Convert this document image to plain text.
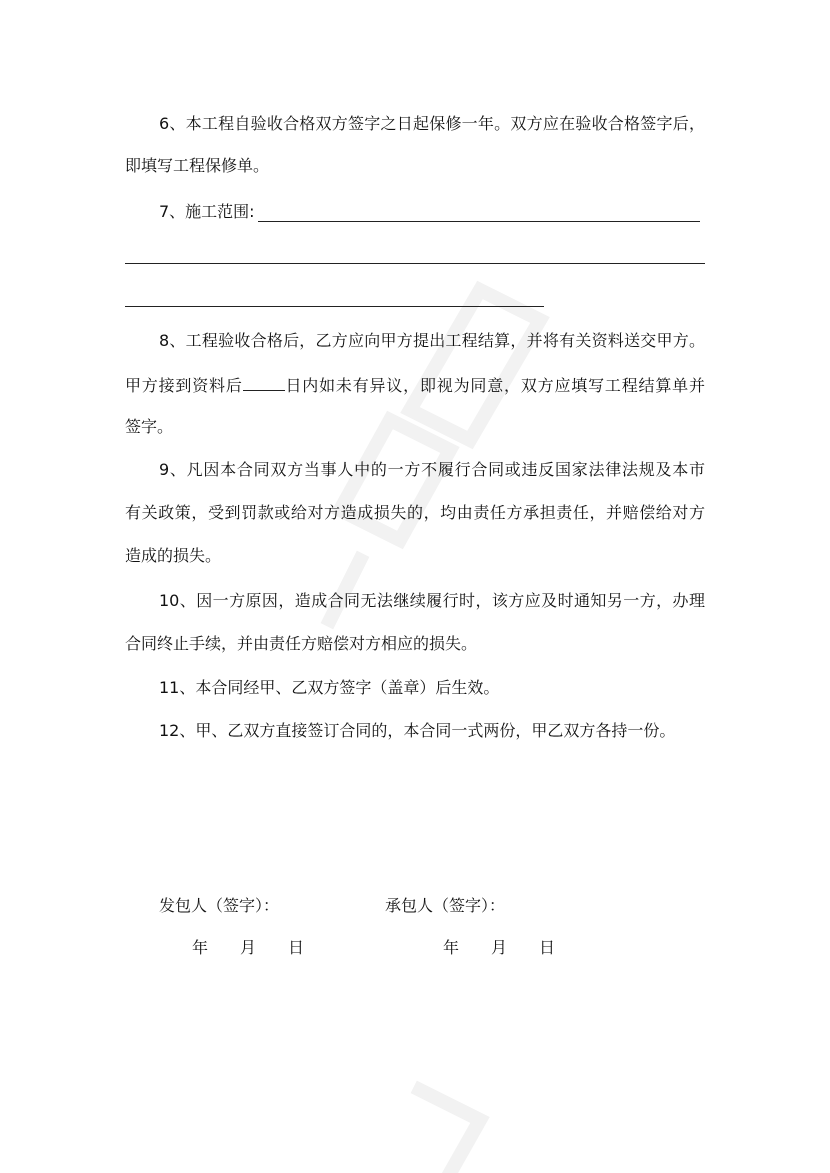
6、本工程自验收合格双方签字之日起保修一年。双方应在验收合格签字后，
即填写工程保修单。
7、施工范围:
8、工程验收合格后，乙方应向甲方提出工程结算，并将有关资料送交甲方。
甲方接到资料后	日内如未有异议，即视为同意，双方应填写工程结算单并
签字。
9、凡因本合同双方当事人中的一方不履行合同或违反国家法律法规及本市
有关政策，受到罚款或给对方造成损失的，均由责任方承担责任，并赔偿给对方
造成的损失。
10、因一方原因，造成合同无法继续履行时，该方应及时通知另一方，办理
合同终止手续，并由责任方赔偿对方相应的损失。
11、本合同经甲、乙双方签字（盖章）后生效。
12、甲、乙双方直接签订合同的，本合同一式两份，甲乙双方各持一份。
发包人（签字）：	承包人（签字）：
年　　月　　日	年　　月　　日
